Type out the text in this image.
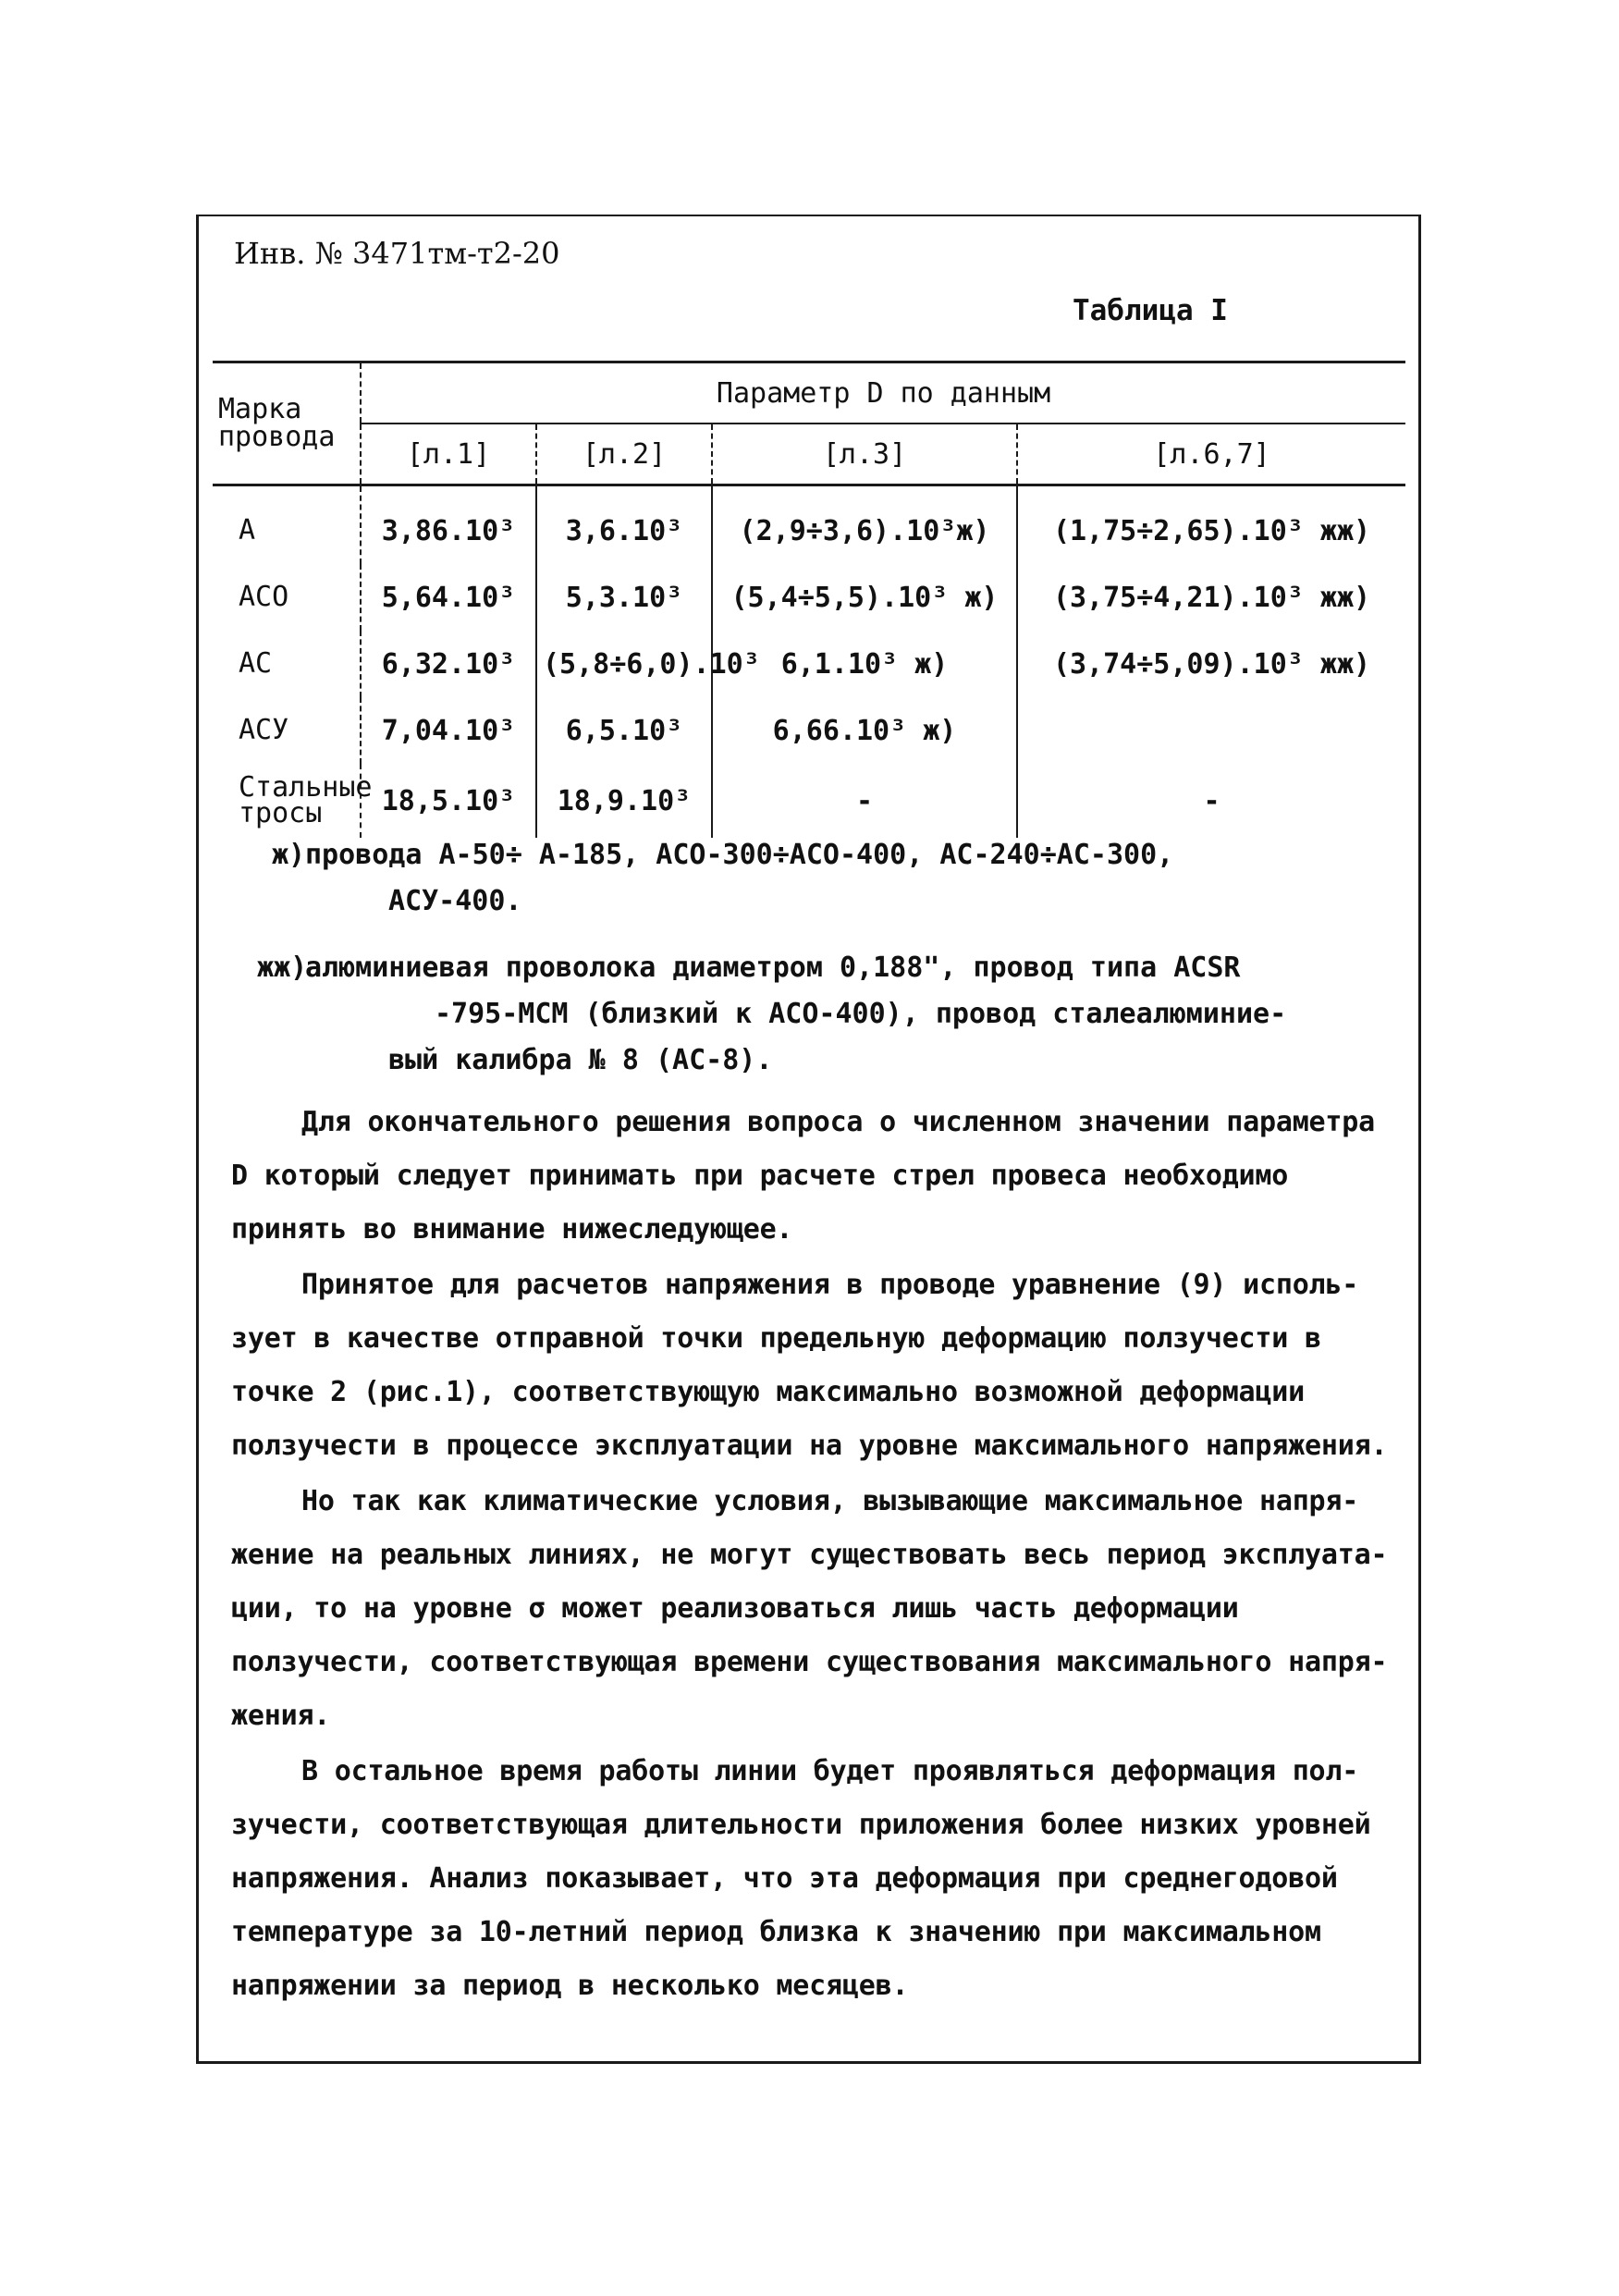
Инв. № 3471тм-т2-20
Таблица I
Марка провода	Параметр D по данным			
	[л.1]	[л.2]	[л.3]	[л.6,7]
А	3,86.10³	3,6.10³	(2,9÷3,6).10³ж)	(1,75÷2,65).10³ жж)
АСО	5,64.10³	5,3.10³	(5,4÷5,5).10³ ж)	(3,75÷4,21).10³ жж)
АС	6,32.10³	(5,8÷6,0).10³	6,1.10³ ж)	(3,74÷5,09).10³ жж)
АСУ	7,04.10³	6,5.10³	6,66.10³ ж)	
Стальные тросы	18,5.10³	18,9.10³	-	-
ж) провода А-50÷ А-185, АСО-300÷АСО-400, АС-240÷АС-300,
АСУ-400.
жж)
алюминиевая проволока диаметром 0,188", провод типа ACSR
-795-MCM (близкий к АСО-400), провод сталеалюминие-
вый калибра № 8 (АС-8).

Для окончательного решения вопроса о численном значении параметра
D который следует принимать при расчете стрел провеса необходимо
принять во внимание нижеследующее.

Принятое для расчетов напряжения в проводе уравнение (9) исполь-
зует в качестве отправной точки предельную деформацию ползучести в
точке 2 (рис.1), соответствующую максимально возможной деформации
ползучести в процессе эксплуатации на уровне максимального напряжения.

Но так как климатические условия, вызывающие максимальное напря-
жение на реальных линиях, не могут существовать весь период эксплуата-
ции, то на уровне σ может реализоваться лишь часть деформации
ползучести, соответствующая времени существования максимального напря-
жения.

В остальное время работы линии будет проявляться деформация пол-
зучести, соответствующая длительности приложения более низких уровней
напряжения. Анализ показывает, что эта деформация при среднегодовой
температуре за 10-летний период близка к значению при максимальном
напряжении за период в несколько месяцев.
